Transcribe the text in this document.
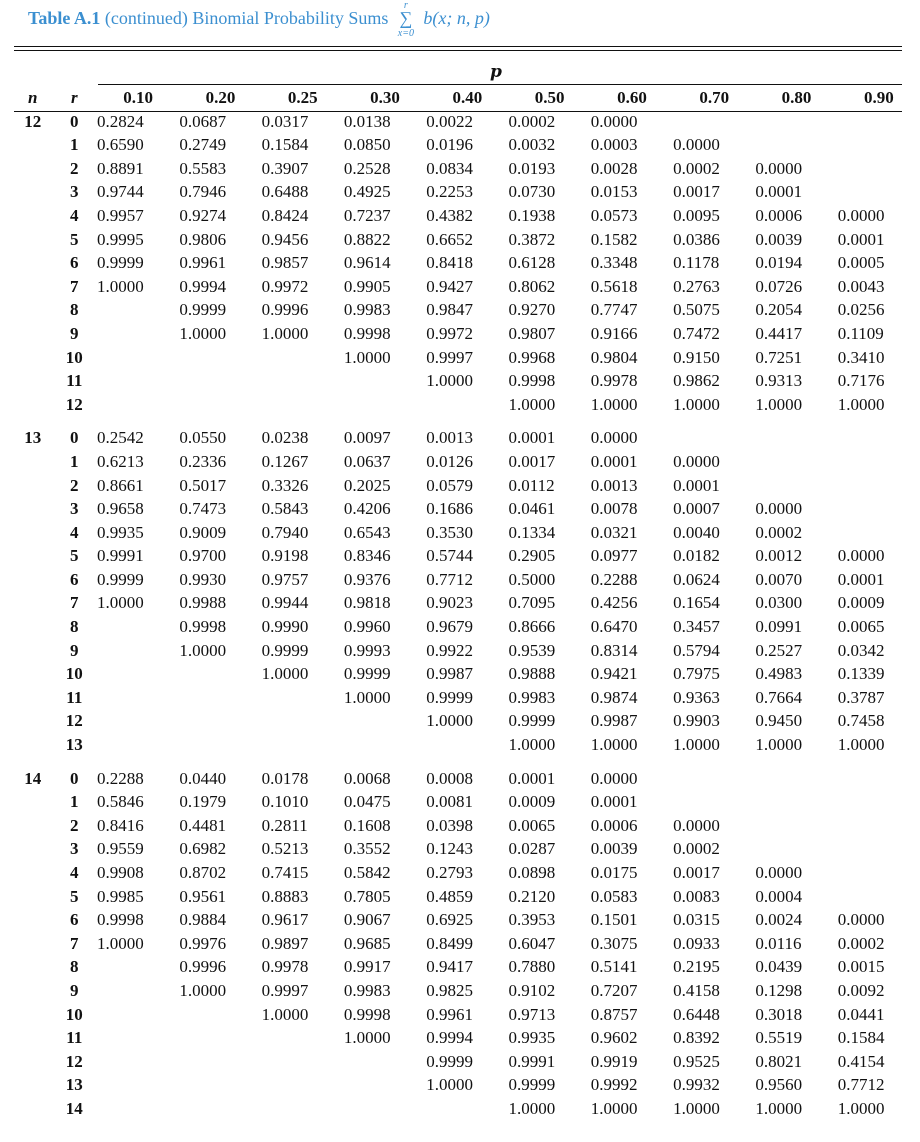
Table A.1 (continued) Binomial Probability Sums
r
∑
x=0
b(x; n, p)
p
n	r	0.10	0.20	0.25	0.30	0.40	0.50	0.60	0.70	0.80	0.90
12	0	0.2824	0.0687	0.0317	0.0138	0.0022	0.0002	0.0000			
	1	0.6590	0.2749	0.1584	0.0850	0.0196	0.0032	0.0003	0.0000		
	2	0.8891	0.5583	0.3907	0.2528	0.0834	0.0193	0.0028	0.0002	0.0000	
	3	0.9744	0.7946	0.6488	0.4925	0.2253	0.0730	0.0153	0.0017	0.0001	
	4	0.9957	0.9274	0.8424	0.7237	0.4382	0.1938	0.0573	0.0095	0.0006	0.0000
	5	0.9995	0.9806	0.9456	0.8822	0.6652	0.3872	0.1582	0.0386	0.0039	0.0001
	6	0.9999	0.9961	0.9857	0.9614	0.8418	0.6128	0.3348	0.1178	0.0194	0.0005
	7	1.0000	0.9994	0.9972	0.9905	0.9427	0.8062	0.5618	0.2763	0.0726	0.0043
	8		0.9999	0.9996	0.9983	0.9847	0.9270	0.7747	0.5075	0.2054	0.0256
	9		1.0000	1.0000	0.9998	0.9972	0.9807	0.9166	0.7472	0.4417	0.1109
	10				1.0000	0.9997	0.9968	0.9804	0.9150	0.7251	0.3410
	11					1.0000	0.9998	0.9978	0.9862	0.9313	0.7176
	12						1.0000	1.0000	1.0000	1.0000	1.0000

13	0	0.2542	0.0550	0.0238	0.0097	0.0013	0.0001	0.0000			
	1	0.6213	0.2336	0.1267	0.0637	0.0126	0.0017	0.0001	0.0000		
	2	0.8661	0.5017	0.3326	0.2025	0.0579	0.0112	0.0013	0.0001		
	3	0.9658	0.7473	0.5843	0.4206	0.1686	0.0461	0.0078	0.0007	0.0000	
	4	0.9935	0.9009	0.7940	0.6543	0.3530	0.1334	0.0321	0.0040	0.0002	
	5	0.9991	0.9700	0.9198	0.8346	0.5744	0.2905	0.0977	0.0182	0.0012	0.0000
	6	0.9999	0.9930	0.9757	0.9376	0.7712	0.5000	0.2288	0.0624	0.0070	0.0001
	7	1.0000	0.9988	0.9944	0.9818	0.9023	0.7095	0.4256	0.1654	0.0300	0.0009
	8		0.9998	0.9990	0.9960	0.9679	0.8666	0.6470	0.3457	0.0991	0.0065
	9		1.0000	0.9999	0.9993	0.9922	0.9539	0.8314	0.5794	0.2527	0.0342
	10			1.0000	0.9999	0.9987	0.9888	0.9421	0.7975	0.4983	0.1339
	11				1.0000	0.9999	0.9983	0.9874	0.9363	0.7664	0.3787
	12					1.0000	0.9999	0.9987	0.9903	0.9450	0.7458
	13						1.0000	1.0000	1.0000	1.0000	1.0000

14	0	0.2288	0.0440	0.0178	0.0068	0.0008	0.0001	0.0000			
	1	0.5846	0.1979	0.1010	0.0475	0.0081	0.0009	0.0001			
	2	0.8416	0.4481	0.2811	0.1608	0.0398	0.0065	0.0006	0.0000		
	3	0.9559	0.6982	0.5213	0.3552	0.1243	0.0287	0.0039	0.0002		
	4	0.9908	0.8702	0.7415	0.5842	0.2793	0.0898	0.0175	0.0017	0.0000	
	5	0.9985	0.9561	0.8883	0.7805	0.4859	0.2120	0.0583	0.0083	0.0004	
	6	0.9998	0.9884	0.9617	0.9067	0.6925	0.3953	0.1501	0.0315	0.0024	0.0000
	7	1.0000	0.9976	0.9897	0.9685	0.8499	0.6047	0.3075	0.0933	0.0116	0.0002
	8		0.9996	0.9978	0.9917	0.9417	0.7880	0.5141	0.2195	0.0439	0.0015
	9		1.0000	0.9997	0.9983	0.9825	0.9102	0.7207	0.4158	0.1298	0.0092
	10			1.0000	0.9998	0.9961	0.9713	0.8757	0.6448	0.3018	0.0441
	11				1.0000	0.9994	0.9935	0.9602	0.8392	0.5519	0.1584
	12					0.9999	0.9991	0.9919	0.9525	0.8021	0.4154
	13					1.0000	0.9999	0.9992	0.9932	0.9560	0.7712
	14						1.0000	1.0000	1.0000	1.0000	1.0000
